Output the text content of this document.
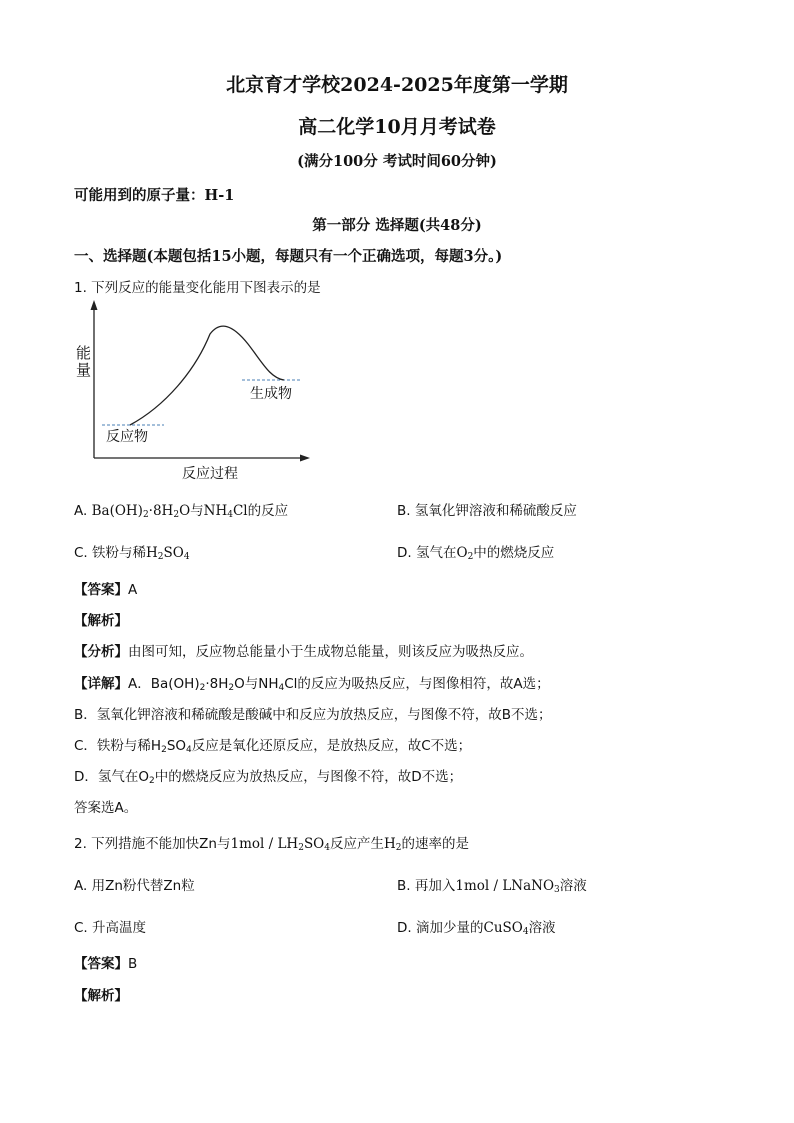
北京育才学校2024-2025年度第一学期
高二化学10月月考试卷
(满分100分 考试时间60分钟)
可能用到的原子量：H-1
第一部分 选择题(共48分)
一、选择题(本题包括15小题，每题只有一个正确选项，每题3分。)
1. 下列反应的能量变化能用下图表示的是
能
量
反应物
生成物
反应过程
A. $Ba(OH)_2\cdot 8H_2O$与$NH_4Cl$的反应	B. 氢氧化钾溶液和稀硫酸反应
C. 铁粉与稀$H_2SO_4$	D. 氢气在$O_2$中的燃烧反应
【答案】A
【解析】
【分析】由图可知，反应物总能量小于生成物总能量，则该反应为吸热反应。
【详解】A．$Ba(OH)_2\cdot 8H_2O$与$NH_4Cl$的反应为吸热反应，与图像相符，故A选；
B．氢氧化钾溶液和稀硫酸是酸碱中和反应为放热反应，与图像不符，故B不选；
C．铁粉与稀$H_2SO_4$反应是氧化还原反应，是放热反应，故C不选；
D．氢气在$O_2$中的燃烧反应为放热反应，与图像不符，故D不选；
答案选A。
2. 下列措施不能加快Zn与$1mol / LH_2SO_4$反应产生$H_2$的速率的是
A. 用Zn粉代替Zn粒	B. 再加入1mol / LNaNO$_3$溶液
C. 升高温度	D. 滴加少量的CuSO$_4$溶液
【答案】B
【解析】
